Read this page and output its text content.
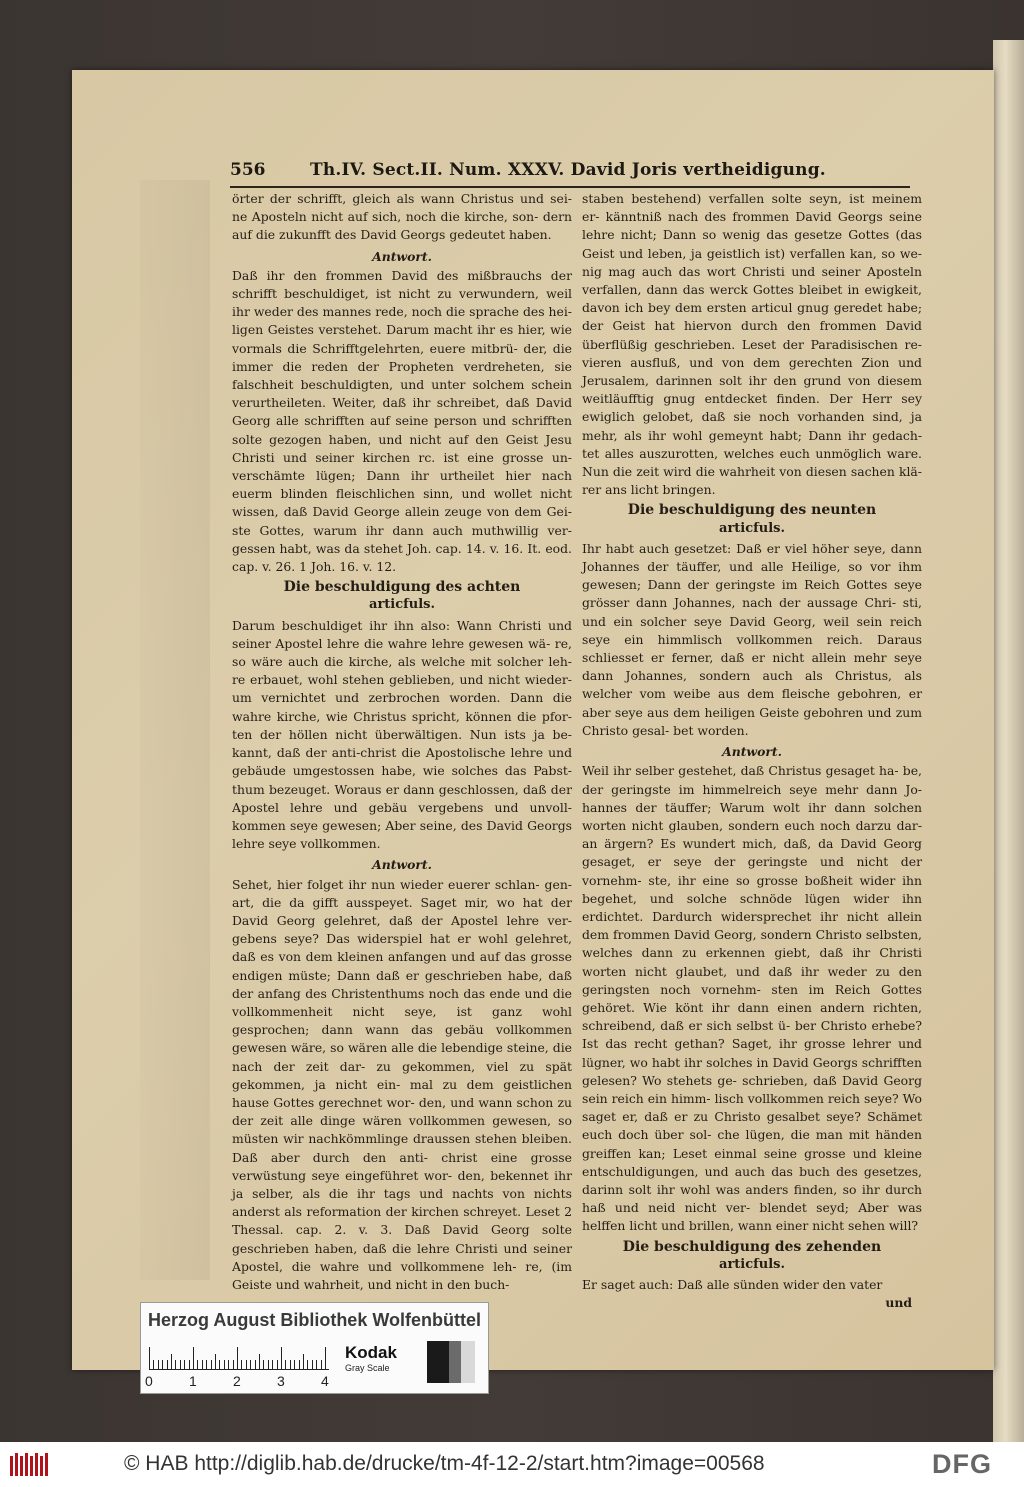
556	Th.IV. Sect.II. Num. XXXV. David Joris vertheidigung.

örter der schrifft, gleich als wann Christus und sei- ne Aposteln nicht auf sich, noch die kirche, son- dern auf die zukunfft des David Georgs gedeutet haben.

Antwort.

Daß ihr den frommen David des mißbrauchs der schrifft beschuldiget, ist nicht zu verwundern, weil ihr weder des mannes rede, noch die sprache des hei- ligen Geistes verstehet. Darum macht ihr es hier, wie vormals die Schrifftgelehrten, euere mitbrü- der, die immer die reden der Propheten verdreheten, sie falschheit beschuldigten, und unter solchem schein verurtheileten. Weiter, daß ihr schreibet, daß David Georg alle schrifften auf seine person und schrifften solte gezogen haben, und nicht auf den Geist Jesu Christi und seiner kirchen rc. ist eine grosse un- verschämte lügen; Dann ihr urtheilet hier nach euerm blinden fleischlichen sinn, und wollet nicht wissen, daß David George allein zeuge von dem Gei- ste Gottes, warum ihr dann auch muthwillig ver- gessen habt, was da stehet Joh. cap. 14. v. 16. It. eod. cap. v. 26. 1 Joh. 16. v. 12.

Die beschuldigung des achten

articfuls.

Darum beschuldiget ihr ihn also: Wann Christi und seiner Apostel lehre die wahre lehre gewesen wä- re, so wäre auch die kirche, als welche mit solcher leh- re erbauet, wohl stehen geblieben, und nicht wieder- um vernichtet und zerbrochen worden. Dann die wahre kirche, wie Christus spricht, können die pfor- ten der höllen nicht überwältigen. Nun ists ja be- kannt, daß der anti-christ die Apostolische lehre und gebäude umgestossen habe, wie solches das Pabst- thum bezeuget. Woraus er dann geschlossen, daß der Apostel lehre und gebäu vergebens und unvoll- kommen seye gewesen; Aber seine, des David Georgs lehre seye vollkommen.

Antwort.

Sehet, hier folget ihr nun wieder euerer schlan- gen-art, die da gifft ausspeyet. Saget mir, wo hat der David Georg gelehret, daß der Apostel lehre ver- gebens seye? Das widerspiel hat er wohl gelehret, daß es von dem kleinen anfangen und auf das grosse endigen müste; Dann daß er geschrieben habe, daß der anfang des Christenthums noch das ende und die vollkommenheit nicht seye, ist ganz wohl gesprochen; dann wann das gebäu vollkommen gewesen wäre, so wären alle die lebendige steine, die nach der zeit dar- zu gekommen, viel zu spät gekommen, ja nicht ein- mal zu dem geistlichen hause Gottes gerechnet wor- den, und wann schon zu der zeit alle dinge wären vollkommen gewesen, so müsten wir nachkömmlinge draussen stehen bleiben. Daß aber durch den anti- christ eine grosse verwüstung seye eingeführet wor- den, bekennet ihr ja selber, als die ihr tags und nachts von nichts anderst als reformation der kirchen schreyet. Leset 2 Thessal. cap. 2. v. 3. Daß David Georg solte geschrieben haben, daß die lehre Christi und seiner Apostel, die wahre und vollkommene leh- re, (im Geiste und wahrheit, und nicht in den buch-

staben bestehend) verfallen solte seyn, ist meinem er- känntniß nach des frommen David Georgs seine lehre nicht; Dann so wenig das gesetze Gottes (das Geist und leben, ja geistlich ist) verfallen kan, so we- nig mag auch das wort Christi und seiner Aposteln verfallen, dann das werck Gottes bleibet in ewigkeit, davon ich bey dem ersten articul gnug geredet habe; der Geist hat hiervon durch den frommen David überflüßig geschrieben. Leset der Paradisischen re- vieren ausfluß, und von dem gerechten Zion und Jerusalem, darinnen solt ihr den grund von diesem weitläufftig gnug entdecket finden. Der Herr sey ewiglich gelobet, daß sie noch vorhanden sind, ja mehr, als ihr wohl gemeynt habt; Dann ihr gedach- tet alles auszurotten, welches euch unmöglich ware. Nun die zeit wird die wahrheit von diesen sachen klä- rer ans licht bringen.

Die beschuldigung des neunten

articfuls.

Ihr habt auch gesetzet: Daß er viel höher seye, dann Johannes der täuffer, und alle Heilige, so vor ihm gewesen; Dann der geringste im Reich Gottes seye grösser dann Johannes, nach der aussage Chri- sti, und ein solcher seye David Georg, weil sein reich seye ein himmlisch vollkommen reich. Daraus schliesset er ferner, daß er nicht allein mehr seye dann Johannes, sondern auch als Christus, als welcher vom weibe aus dem fleische gebohren, er aber seye aus dem heiligen Geiste gebohren und zum Christo gesal- bet worden.

Antwort.

Weil ihr selber gestehet, daß Christus gesaget ha- be, der geringste im himmelreich seye mehr dann Jo- hannes der täuffer; Warum wolt ihr dann solchen worten nicht glauben, sondern euch noch darzu dar- an ärgern? Es wundert mich, daß, da David Georg gesaget, er seye der geringste und nicht der vornehm- ste, ihr eine so grosse boßheit wider ihn begehet, und solche schnöde lügen wider ihn erdichtet. Dardurch widersprechet ihr nicht allein dem frommen David Georg, sondern Christo selbsten, welches dann zu erkennen giebt, daß ihr Christi worten nicht glaubet, und daß ihr weder zu den geringsten noch vornehm- sten im Reich Gottes gehöret. Wie könt ihr dann einen andern richten, schreibend, daß er sich selbst ü- ber Christo erhebe? Ist das recht gethan? Saget, ihr grosse lehrer und lügner, wo habt ihr solches in David Georgs schrifften gelesen? Wo stehets ge- schrieben, daß David Georg sein reich ein himm- lisch vollkommen reich seye? Wo saget er, daß er zu Christo gesalbet seye? Schämet euch doch über sol- che lügen, die man mit händen greiffen kan; Leset einmal seine grosse und kleine entschuldigungen, und auch das buch des gesetzes, darinn solt ihr wohl was anders finden, so ihr durch haß und neid nicht ver- blendet seyd; Aber was helffen licht und brillen, wann einer nicht sehen will?

Die beschuldigung des zehenden

articfuls.

Er saget auch: Daß alle sünden wider den vater

und

Herzog August Bibliothek Wolfenbüttel
0	1	2	3	4
Kodak
Gray Scale
© HAB http://diglib.hab.de/drucke/tm-4f-12-2/start.htm?image=00568	DFG
